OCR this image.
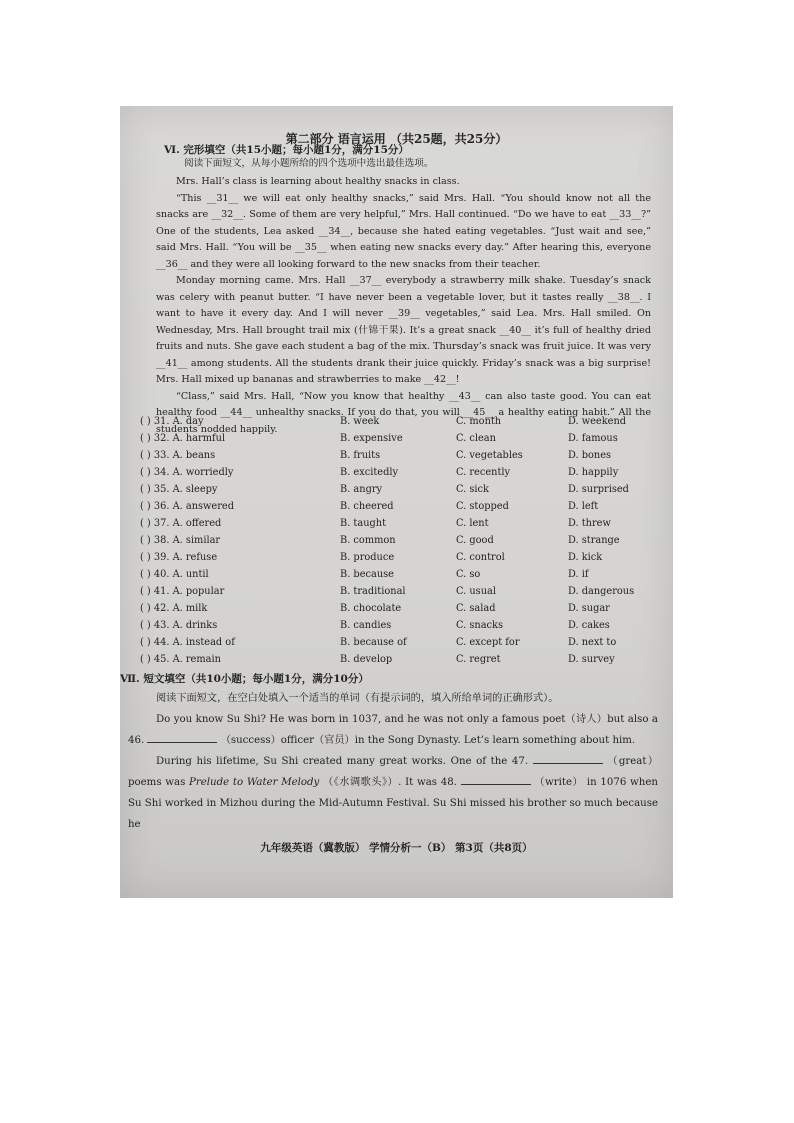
第二部分 语言运用 （共25题，共25分）
Ⅵ. 完形填空（共15小题；每小题1分，满分15分）
阅读下面短文，从每小题所给的四个选项中选出最佳选项。
Mrs. Hall’s class is learning about healthy snacks in class.
“This __31__ we will eat only healthy snacks,” said Mrs. Hall. “You should know not all the snacks are __32__. Some of them are very helpful,” Mrs. Hall continued. “Do we have to eat __33__?” One of the students, Lea asked __34__, because she hated eating vegetables. “Just wait and see,” said Mrs. Hall. “You will be __35__ when eating new snacks every day.” After hearing this, everyone __36__ and they were all looking forward to the new snacks from their teacher.
Monday morning came. Mrs. Hall __37__ everybody a strawberry milk shake. Tuesday’s snack was celery with peanut butter. “I have never been a vegetable lover, but it tastes really __38__. I want to have it every day. And I will never __39__ vegetables,” said Lea. Mrs. Hall smiled. On Wednesday, Mrs. Hall brought trail mix (什锦干果). It’s a great snack __40__ it’s full of healthy dried fruits and nuts. She gave each student a bag of the mix. Thursday’s snack was fruit juice. It was very __41__ among students. All the students drank their juice quickly. Friday’s snack was a big surprise! Mrs. Hall mixed up bananas and strawberries to make __42__!
“Class,” said Mrs. Hall, “Now you know that healthy __43__ can also taste good. You can eat healthy food __44__ unhealthy snacks. If you do that, you will __45__ a healthy eating habit.” All the students nodded happily.
( ) 31. A. day	B. week	C. month	D. weekend
( ) 32. A. harmful	B. expensive	C. clean	D. famous
( ) 33. A. beans	B. fruits	C. vegetables	D. bones
( ) 34. A. worriedly	B. excitedly	C. recently	D. happily
( ) 35. A. sleepy	B. angry	C. sick	D. surprised
( ) 36. A. answered	B. cheered	C. stopped	D. left
( ) 37. A. offered	B. taught	C. lent	D. threw
( ) 38. A. similar	B. common	C. good	D. strange
( ) 39. A. refuse	B. produce	C. control	D. kick
( ) 40. A. until	B. because	C. so	D. if
( ) 41. A. popular	B. traditional	C. usual	D. dangerous
( ) 42. A. milk	B. chocolate	C. salad	D. sugar
( ) 43. A. drinks	B. candies	C. snacks	D. cakes
( ) 44. A. instead of	B. because of	C. except for	D. next to
( ) 45. A. remain	B. develop	C. regret	D. survey
Ⅶ. 短文填空（共10小题；每小题1分，满分10分）
阅读下面短文，在空白处填入一个适当的单词（有提示词的，填入所给单词的正确形式）。
Do you know Su Shi? He was born in 1037, and he was not only a famous poet（诗人）but also a 46.	（success）officer（官员）in the Song Dynasty. Let’s learn something about him.
During his lifetime, Su Shi created many great works. One of the 47.	（great）poems was Prelude to Water Melody （《水调歌头》）. It was 48.	（write） in 1076 when Su Shi worked in Mizhou during the Mid-Autumn Festival. Su Shi missed his brother so much because he
九年级英语（冀教版） 学情分析一（B） 第3页（共8页）
